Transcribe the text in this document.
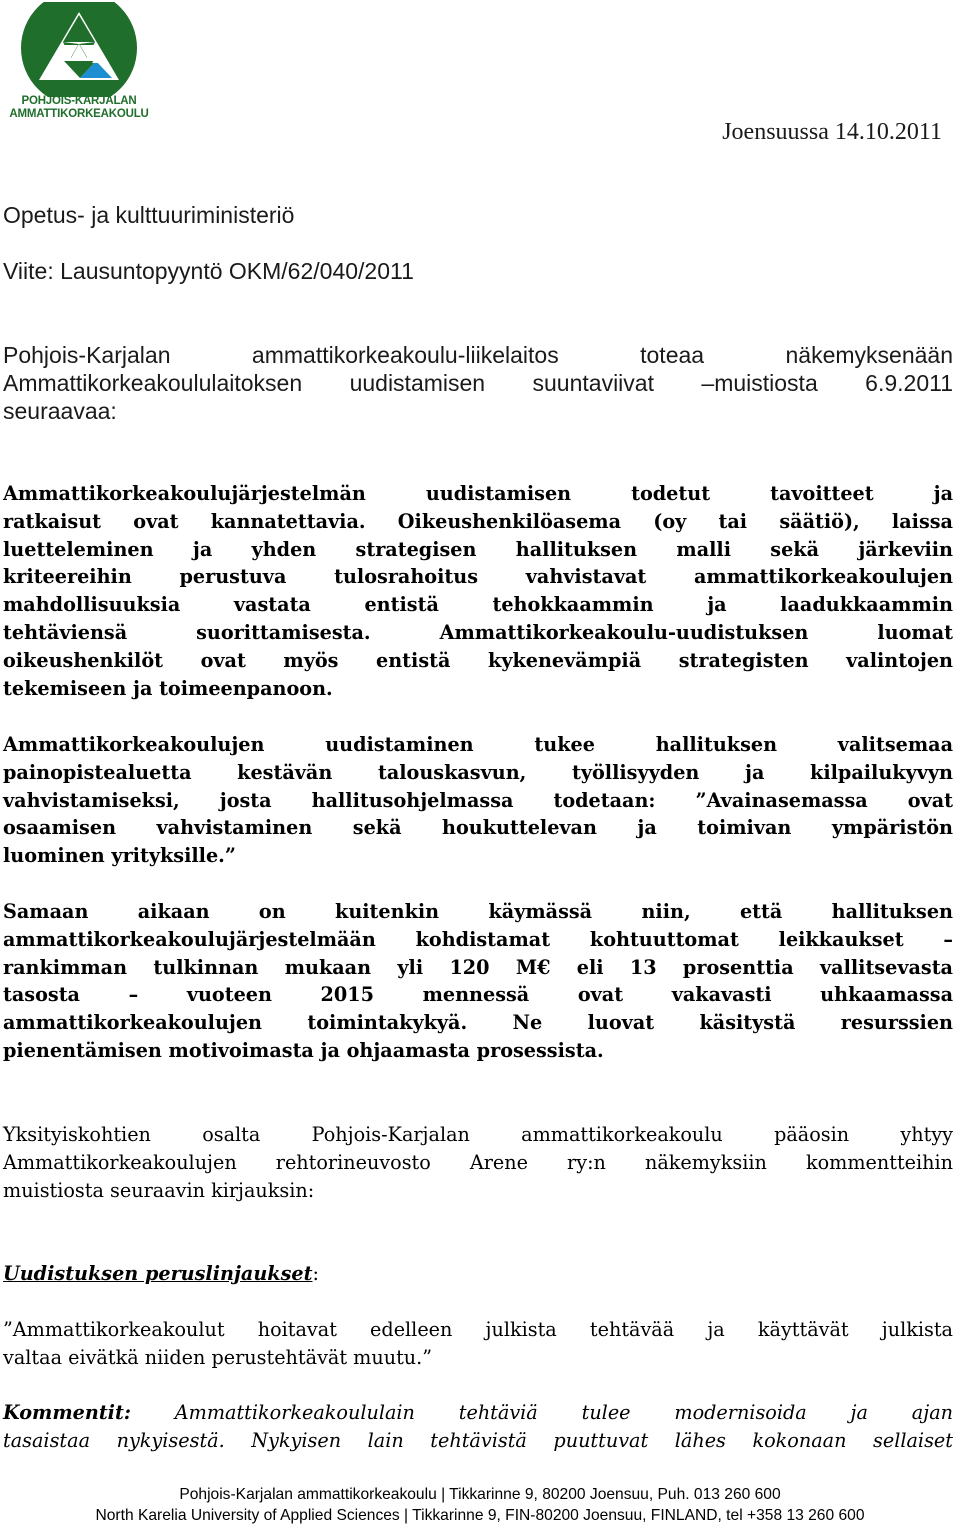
POHJOIS-KARJALAN
AMMATTIKORKEAKOULU
Joensuussa 14.10.2011
Opetus- ja kulttuuriministeriö
Viite: Lausuntopyyntö OKM/62/040/2011
Pohjois-Karjalan ammattikorkeakoulu-liikelaitos toteaa näkemyksenään
Ammattikorkeakoululaitoksen uudistamisen suuntaviivat –muistiosta 6.9.2011
seuraavaa:
Ammattikorkeakoulujärjestelmän uudistamisen todetut tavoitteet ja
ratkaisut ovat kannatettavia. Oikeushenkilöasema (oy tai säätiö), laissa
luetteleminen ja yhden strategisen hallituksen malli sekä järkeviin
kriteereihin perustuva tulosrahoitus vahvistavat ammattikorkeakoulujen
mahdollisuuksia vastata entistä tehokkaammin ja laadukkaammin
tehtäviensä suorittamisesta. Ammattikorkeakoulu-uudistuksen luomat
oikeushenkilöt ovat myös entistä kykenevämpiä strategisten valintojen
tekemiseen ja toimeenpanoon.
Ammattikorkeakoulujen uudistaminen tukee hallituksen valitsemaa
painopistealuetta kestävän talouskasvun, työllisyyden ja kilpailukyvyn
vahvistamiseksi, josta hallitusohjelmassa todetaan: ”Avainasemassa ovat
osaamisen vahvistaminen sekä houkuttelevan ja toimivan ympäristön
luominen yrityksille.”
Samaan aikaan on kuitenkin käymässä niin, että hallituksen
ammattikorkeakoulujärjestelmään kohdistamat kohtuuttomat leikkaukset –
rankimman tulkinnan mukaan yli 120 M€ eli 13 prosenttia vallitsevasta
tasosta – vuoteen 2015 mennessä ovat vakavasti uhkaamassa
ammattikorkeakoulujen toimintakykyä. Ne luovat käsitystä resurssien
pienentämisen motivoimasta ja ohjaamasta prosessista.
Yksityiskohtien osalta Pohjois-Karjalan ammattikorkeakoulu pääosin yhtyy
Ammattikorkeakoulujen rehtorineuvosto Arene ry:n näkemyksiin kommentteihin
muistiosta seuraavin kirjauksin:
Uudistuksen peruslinjaukset:
”Ammattikorkeakoulut hoitavat edelleen julkista tehtävää ja käyttävät julkista
valtaa eivätkä niiden perustehtävät muutu.”
Kommentit: Ammattikorkeakoululain tehtäviä tulee modernisoida ja ajan
tasaistaa nykyisestä. Nykyisen lain tehtävistä puuttuvat lähes kokonaan sellaiset
Pohjois-Karjalan ammattikorkeakoulu | Tikkarinne 9, 80200 Joensuu, Puh. 013 260 600
North Karelia University of Applied Sciences | Tikkarinne 9, FIN-80200 Joensuu, FINLAND, tel +358 13 260 600
